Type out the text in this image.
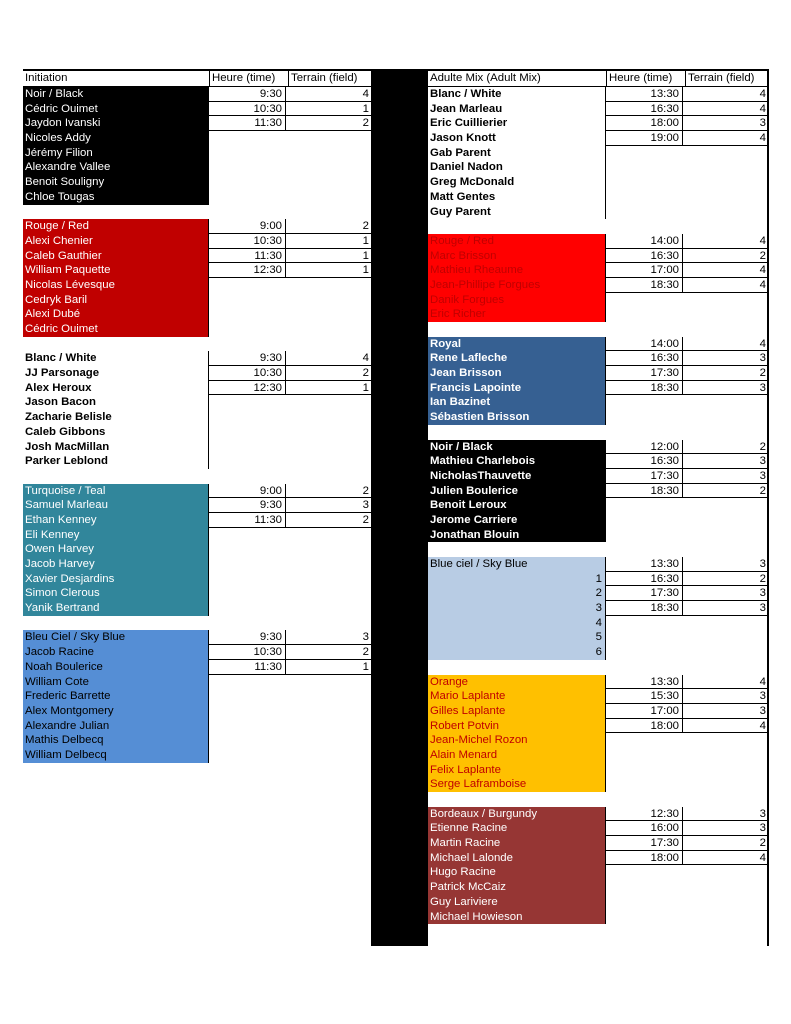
Initiation	Heure (time)	Terrain (field)
Noir / Black	9:30	4
Cédric Ouimet	10:30	1
Jaydon Ivanski	11:30	2
Nicoles Addy
Jérémy Filion
Alexandre Vallee
Benoit Souligny
Chloe Tougas
Rouge / Red	9:00	2
Alexi Chenier	10:30	1
Caleb Gauthier	11:30	1
William Paquette	12:30	1
Nicolas Lévesque
Cedryk Baril
Alexi Dubé
Cédric Ouimet
Blanc / White	9:30	4
JJ Parsonage	10:30	2
Alex Heroux	12:30	1
Jason Bacon
Zacharie Belisle
Caleb Gibbons
Josh MacMillan
Parker Leblond
Turquoise / Teal	9:00	2
Samuel Marleau	9:30	3
Ethan Kenney	11:30	2
Eli Kenney
Owen Harvey
Jacob Harvey
Xavier Desjardins
Simon Clerous
Yanik Bertrand
Bleu Ciel / Sky Blue	9:30	3
Jacob Racine	10:30	2
Noah Boulerice	11:30	1
William Cote
Frederic Barrette
Alex Montgomery
Alexandre Julian
Mathis Delbecq
William Delbecq
Adulte Mix (Adult Mix)	Heure (time)	Terrain (field)
Blanc / White	13:30	4
Jean Marleau	16:30	4
Eric Cuillierier	18:00	3
Jason Knott	19:00	4
Gab Parent
Daniel Nadon
Greg McDonald
Matt Gentes
Guy Parent
Rouge / Red	14:00	4
Marc Brisson	16:30	2
Mathieu Rheaume	17:00	4
Jean-Phillipe Forgues	18:30	4
Danik Forgues
Eric Richer
Royal	14:00	4
Rene Lafleche	16:30	3
Jean Brisson	17:30	2
Francis Lapointe	18:30	3
Ian Bazinet
Sébastien Brisson
Noir / Black	12:00	2
Mathieu Charlebois	16:30	3
NicholasThauvette	17:30	3
Julien Boulerice	18:30	2
Benoit Leroux
Jerome Carriere
Jonathan Blouin
Blue ciel / Sky Blue	13:30	3
1	16:30	2
2	17:30	3
3	18:30	3
4
5
6
Orange	13:30	4
Mario Laplante	15:30	3
Gilles Laplante	17:00	3
Robert Potvin	18:00	4
Jean-Michel Rozon
Alain Menard
Felix Laplante
Serge Laframboise
Bordeaux / Burgundy	12:30	3
Etienne Racine	16:00	3
Martin Racine	17:30	2
Michael Lalonde	18:00	4
Hugo Racine
Patrick McCaiz
Guy Lariviere
Michael Howieson
